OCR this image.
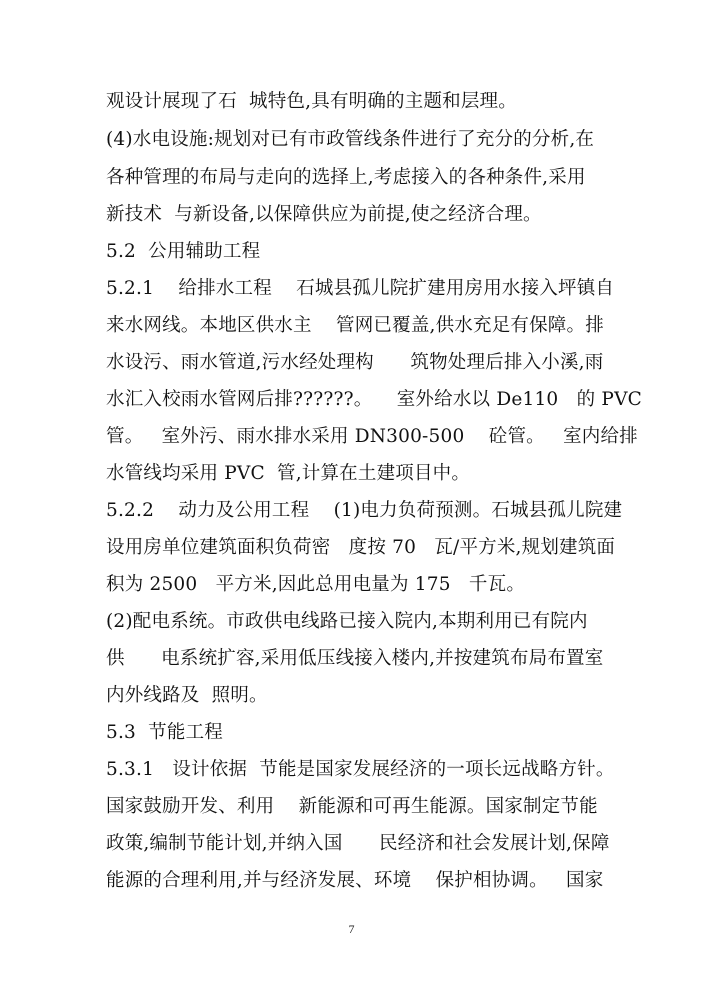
观设计展现了石  城特色,具有明确的主题和层理。
(4)水电设施:规划对已有市政管线条件进行了充分的分析,在
各种管理的布局与走向的选择上,考虑接入的各种条件,采用
新技术  与新设备,以保障供应为前提,使之经济合理。
5.2  公用辅助工程
5.2.1    给排水工程    石城县孤儿院扩建用房用水接入坪镇自
来水网线。本地区供水主    管网已覆盖,供水充足有保障。排
水设污、雨水管道,污水经处理构      筑物处理后排入小溪,雨
水汇入校雨水管网后排??????。    室外给水以 De110   的 PVC
管。   室外污、雨水排水采用 DN300-500    砼管。   室内给排
水管线均采用 PVC  管,计算在土建项目中。
5.2.2    动力及公用工程    (1)电力负荷预测。石城县孤儿院建
设用房单位建筑面积负荷密   度按 70   瓦/平方米,规划建筑面
积为 2500   平方米,因此总用电量为 175   千瓦。
(2)配电系统。市政供电线路已接入院内,本期利用已有院内
供      电系统扩容,采用低压线接入楼内,并按建筑布局布置室
内外线路及  照明。
5.3  节能工程
5.3.1   设计依据  节能是国家发展经济的一项长远战略方针。
国家鼓励开发、利用    新能源和可再生能源。国家制定节能
政策,编制节能计划,并纳入国      民经济和社会发展计划,保障
能源的合理利用,并与经济发展、环境    保护相协调。   国家
7
